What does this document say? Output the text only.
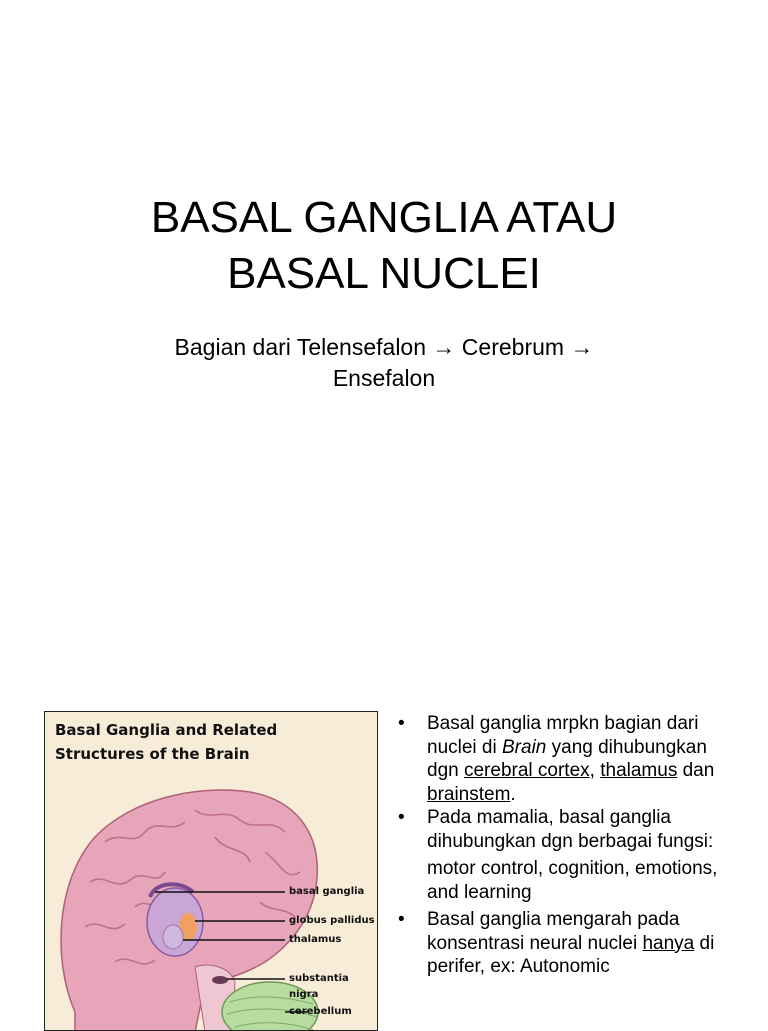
BASAL GANGLIA ATAU
BASAL NUCLEI

Bagian dari Telensefalon → Cerebrum →
Ensefalon

Basal Ganglia and Related
Structures of the Brain
basal ganglia
globus pallidus
thalamus
substantia
nigra
cerebellum
• Basal ganglia mrpkn bagian dari nuclei di Brain yang dihubungkan dgn cerebral cortex, thalamus dan brainstem.
• Pada mamalia, basal ganglia dihubungkan dgn berbagai fungsi:
motor control, cognition, emotions, and learning
• Basal ganglia mengarah pada konsentrasi neural nuclei hanya di perifer, ex: Autonomic
